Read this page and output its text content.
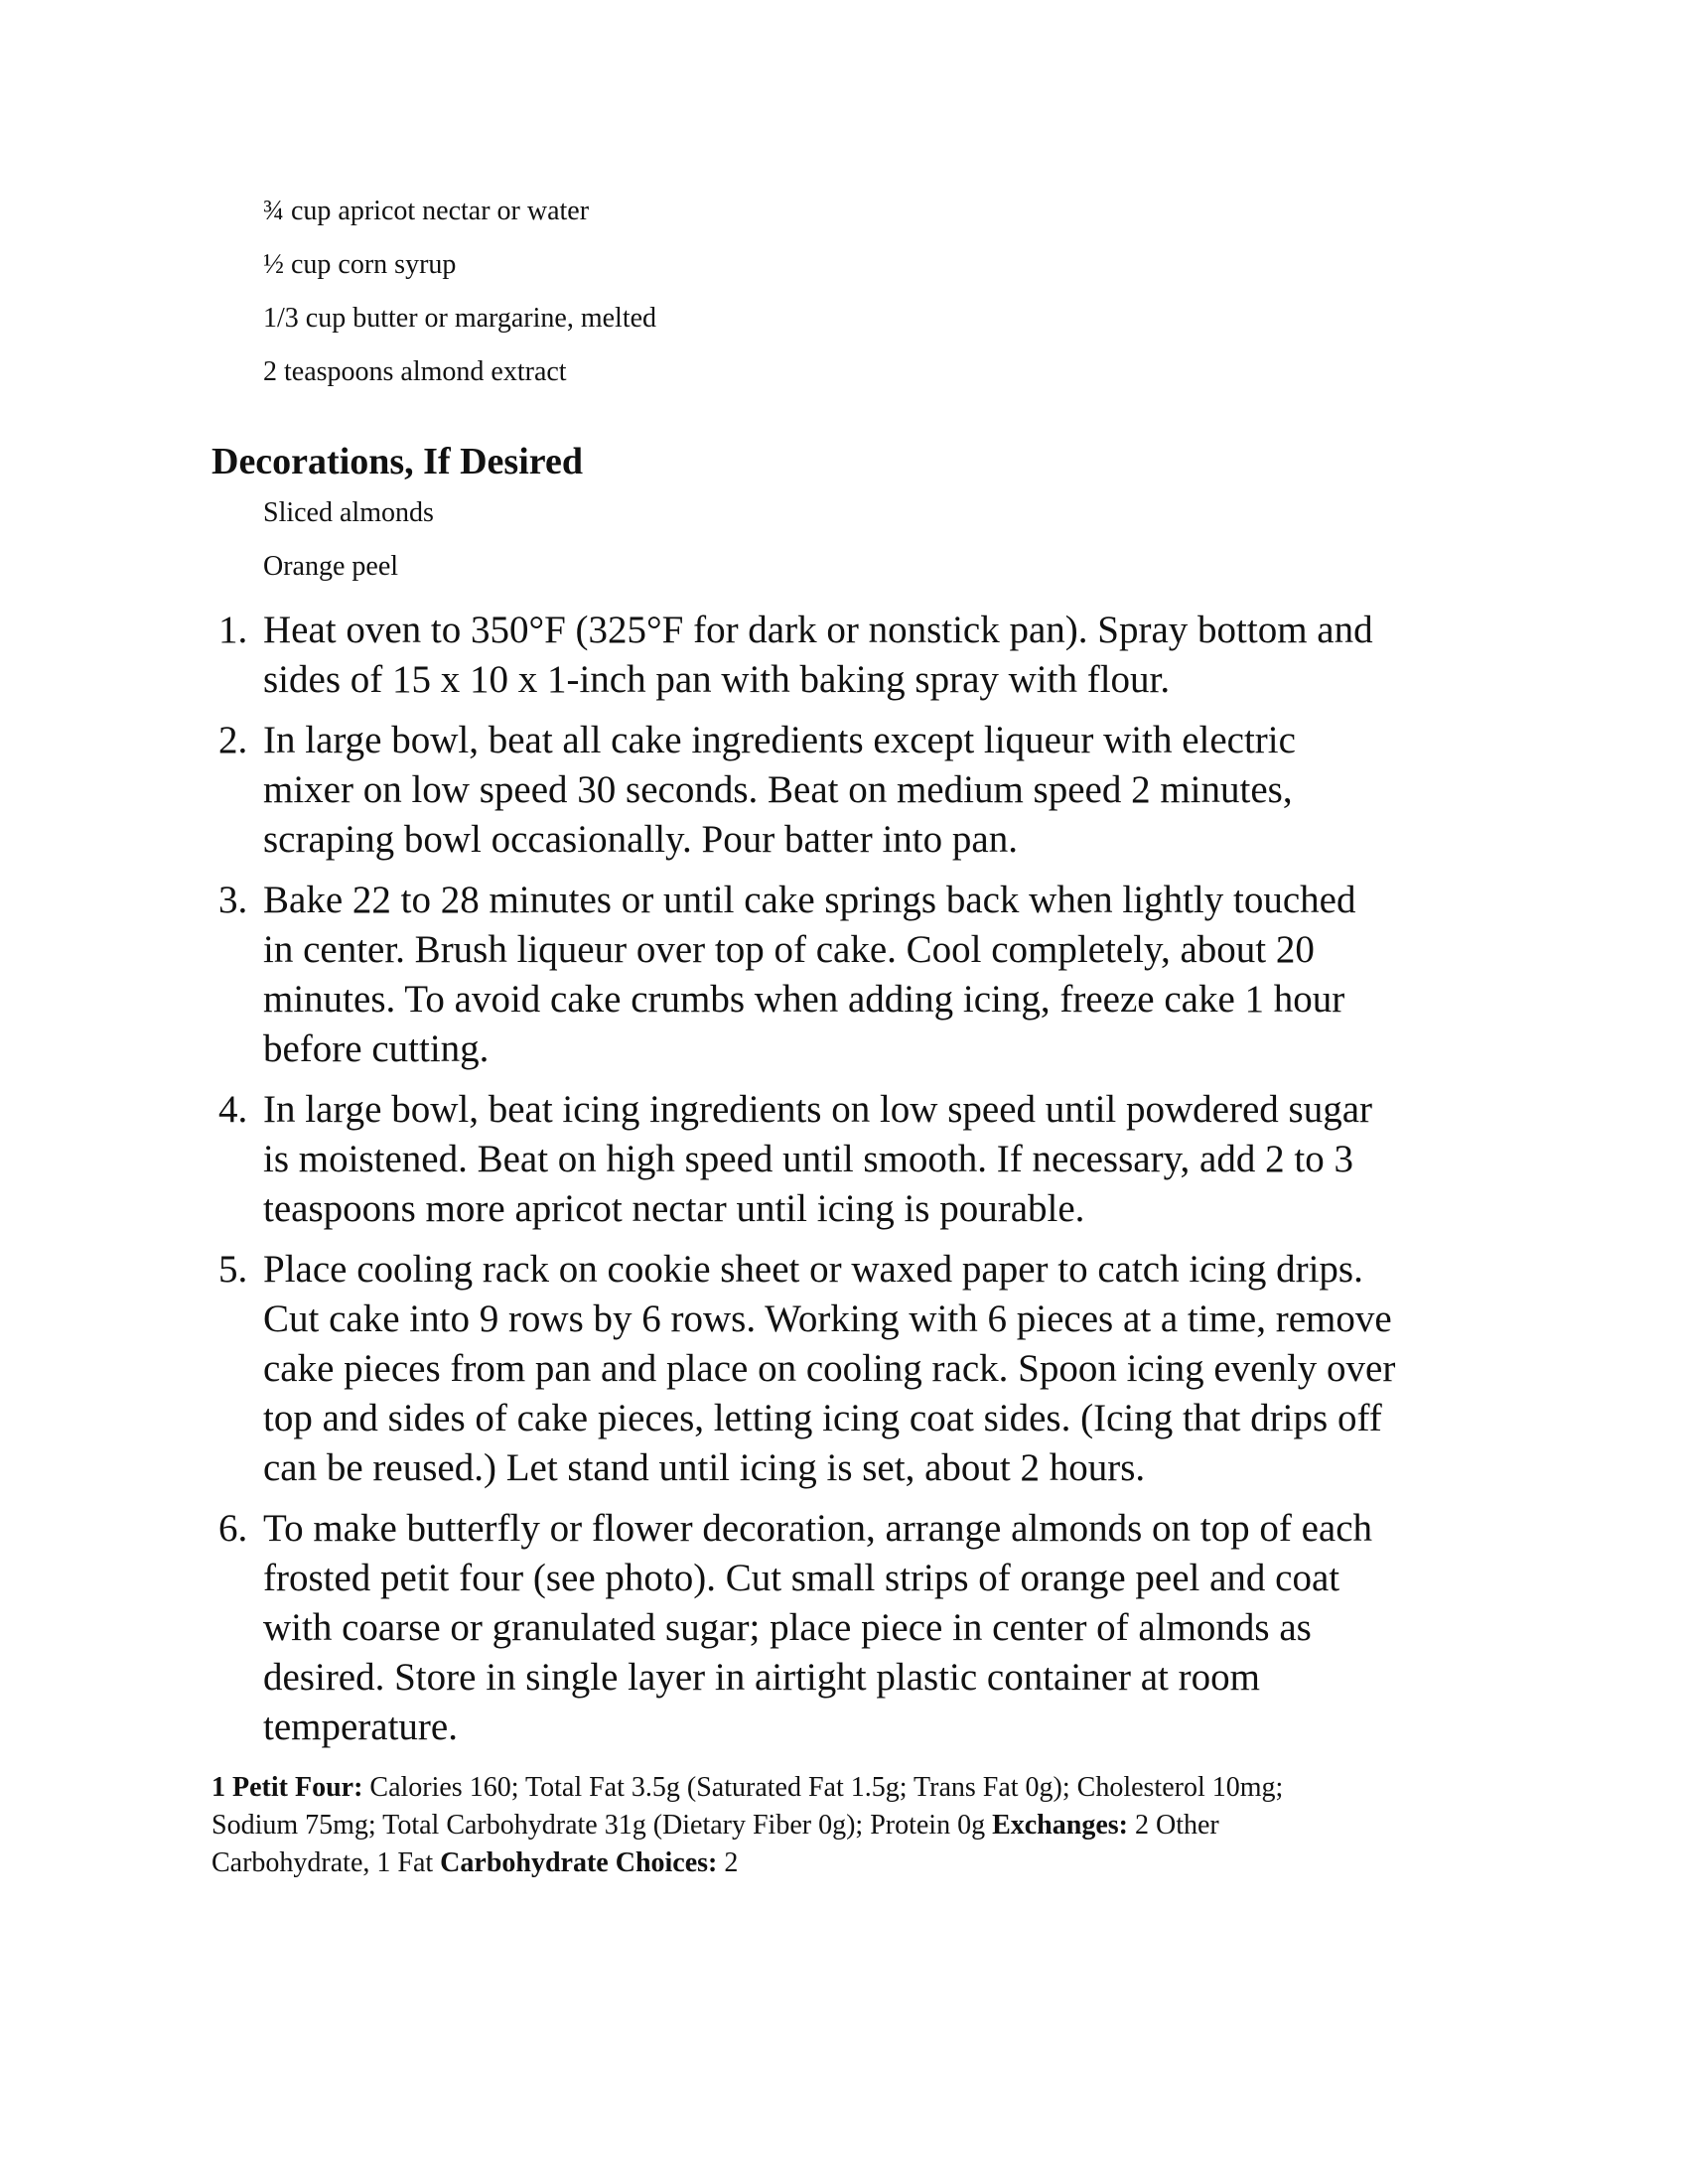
¾ cup apricot nectar or water
½ cup corn syrup
1/3 cup butter or margarine, melted
2 teaspoons almond extract
Decorations, If Desired
Sliced almonds
Orange peel
1. Heat oven to 350°F (325°F for dark or nonstick pan). Spray bottom and
sides of 15 x 10 x 1-inch pan with baking spray with flour.
2. In large bowl, beat all cake ingredients except liqueur with electric
mixer on low speed 30 seconds. Beat on medium speed 2 minutes,
scraping bowl occasionally. Pour batter into pan.
3. Bake 22 to 28 minutes or until cake springs back when lightly touched
in center. Brush liqueur over top of cake. Cool completely, about 20
minutes. To avoid cake crumbs when adding icing, freeze cake 1 hour
before cutting.
4. In large bowl, beat icing ingredients on low speed until powdered sugar
is moistened. Beat on high speed until smooth. If necessary, add 2 to 3
teaspoons more apricot nectar until icing is pourable.
5. Place cooling rack on cookie sheet or waxed paper to catch icing drips.
Cut cake into 9 rows by 6 rows. Working with 6 pieces at a time, remove
cake pieces from pan and place on cooling rack. Spoon icing evenly over
top and sides of cake pieces, letting icing coat sides. (Icing that drips off
can be reused.) Let stand until icing is set, about 2 hours.
6. To make butterfly or flower decoration, arrange almonds on top of each
frosted petit four (see photo). Cut small strips of orange peel and coat
with coarse or granulated sugar; place piece in center of almonds as
desired. Store in single layer in airtight plastic container at room
temperature.

1 Petit Four: Calories 160; Total Fat 3.5g (Saturated Fat 1.5g; Trans Fat 0g); Cholesterol 10mg;
Sodium 75mg; Total Carbohydrate 31g (Dietary Fiber 0g); Protein 0g Exchanges: 2 Other
Carbohydrate, 1 Fat Carbohydrate Choices: 2
